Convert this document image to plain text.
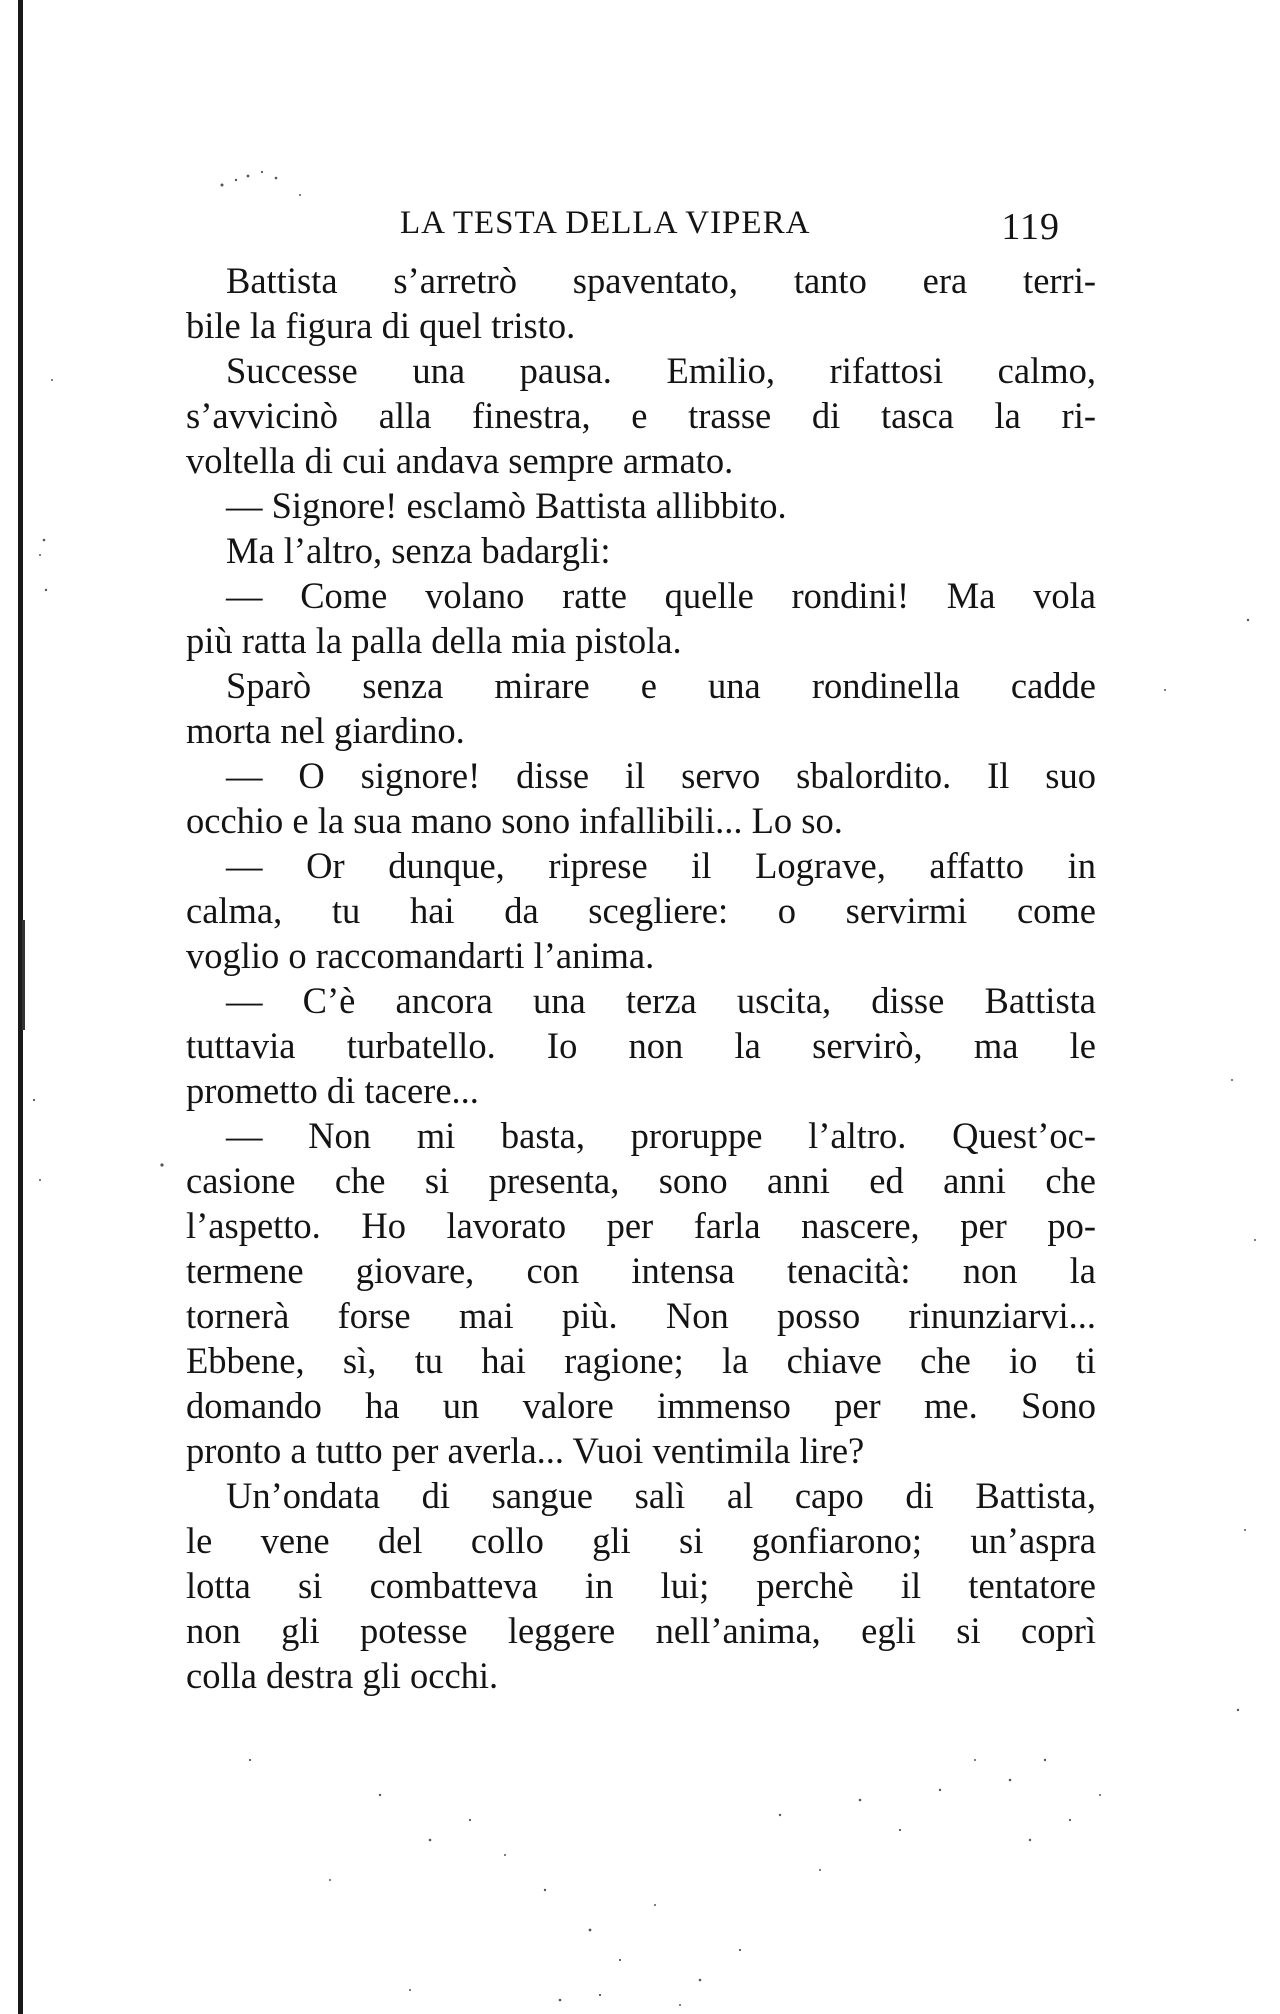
LA TESTA DELLA VIPERA	119
Battista s’arretrò spaventato, tanto era terri-
bile la figura di quel tristo.
Successe una pausa. Emilio, rifattosi calmo,
s’avvicinò alla finestra, e trasse di tasca la ri-
voltella di cui andava sempre armato.
— Signore! esclamò Battista allibbito.
Ma l’altro, senza badargli:
— Come volano ratte quelle rondini! Ma vola
più ratta la palla della mia pistola.
Sparò senza mirare e una rondinella cadde
morta nel giardino.
— O signore! disse il servo sbalordito. Il suo
occhio e la sua mano sono infallibili... Lo so.
— Or dunque, riprese il Lograve, affatto in
calma, tu hai da scegliere: o servirmi come
voglio o raccomandarti l’anima.
— C’è ancora una terza uscita, disse Battista
tuttavia turbatello. Io non la servirò, ma le
prometto di tacere...
— Non mi basta, proruppe l’altro. Quest’oc-
casione che si presenta, sono anni ed anni che
l’aspetto. Ho lavorato per farla nascere, per po-
termene giovare, con intensa tenacità: non la
tornerà forse mai più. Non posso rinunziarvi...
Ebbene, sì, tu hai ragione; la chiave che io ti
domando ha un valore immenso per me. Sono
pronto a tutto per averla... Vuoi ventimila lire?
Un’ondata di sangue salì al capo di Battista,
le vene del collo gli si gonfiarono; un’aspra
lotta si combatteva in lui; perchè il tentatore
non gli potesse leggere nell’anima, egli si coprì
colla destra gli occhi.
